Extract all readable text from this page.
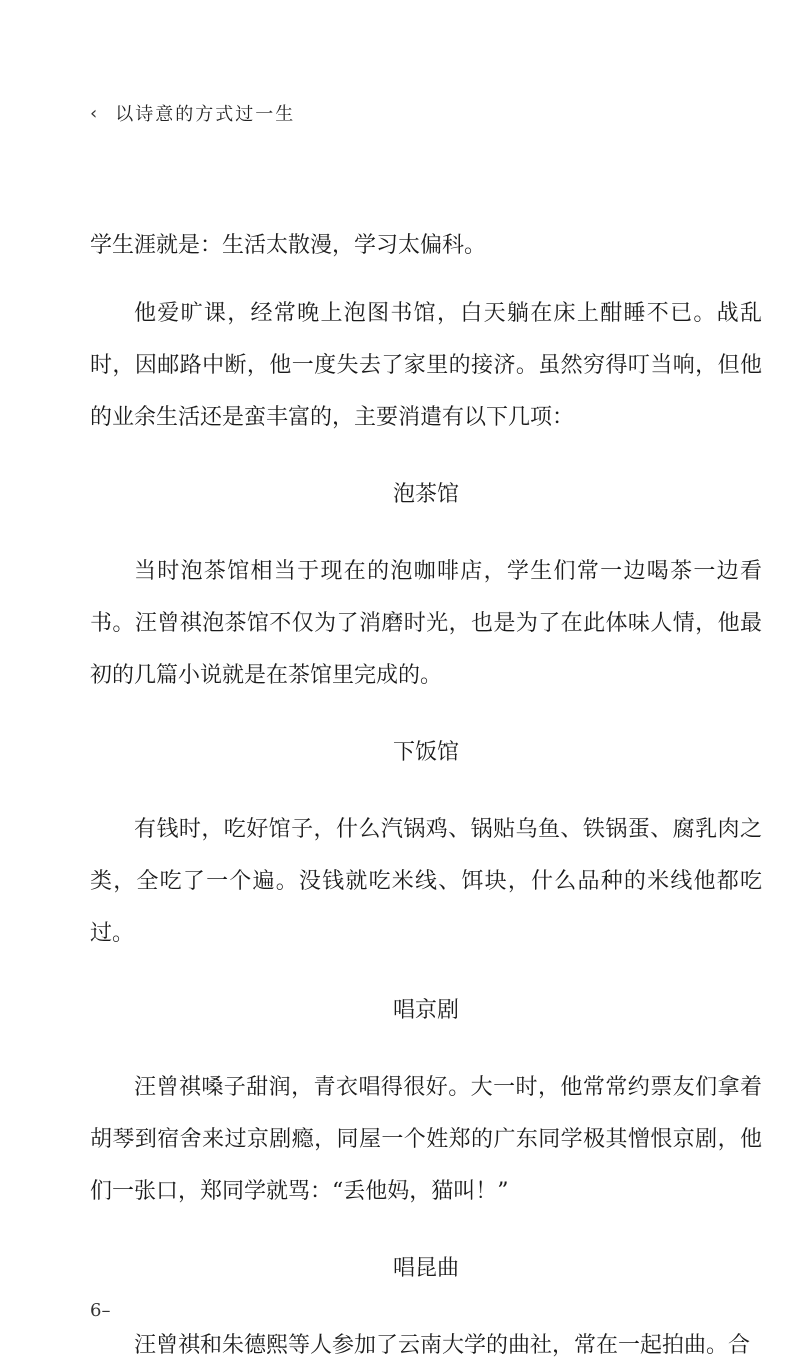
‹ 以诗意的方式过一生

学生涯就是：生活太散漫，学习太偏科。

他爱旷课，经常晚上泡图书馆，白天躺在床上酣睡不已。战乱时，因邮路中断，他一度失去了家里的接济。虽然穷得叮当响，但他的业余生活还是蛮丰富的，主要消遣有以下几项：

泡茶馆

当时泡茶馆相当于现在的泡咖啡店，学生们常一边喝茶一边看书。汪曾祺泡茶馆不仅为了消磨时光，也是为了在此体味人情，他最初的几篇小说就是在茶馆里完成的。

下饭馆

有钱时，吃好馆子，什么汽锅鸡、锅贴乌鱼、铁锅蛋、腐乳肉之类，全吃了一个遍。没钱就吃米线、饵块，什么品种的米线他都吃过。

唱京剧

汪曾祺嗓子甜润，青衣唱得很好。大一时，他常常约票友们拿着胡琴到宿舍来过京剧瘾，同屋一个姓郑的广东同学极其憎恨京剧，他们一张口，郑同学就骂：“丢他妈，猫叫！”

唱昆曲

汪曾祺和朱德熙等人参加了云南大学的曲社，常在一起拍曲。合

6–
